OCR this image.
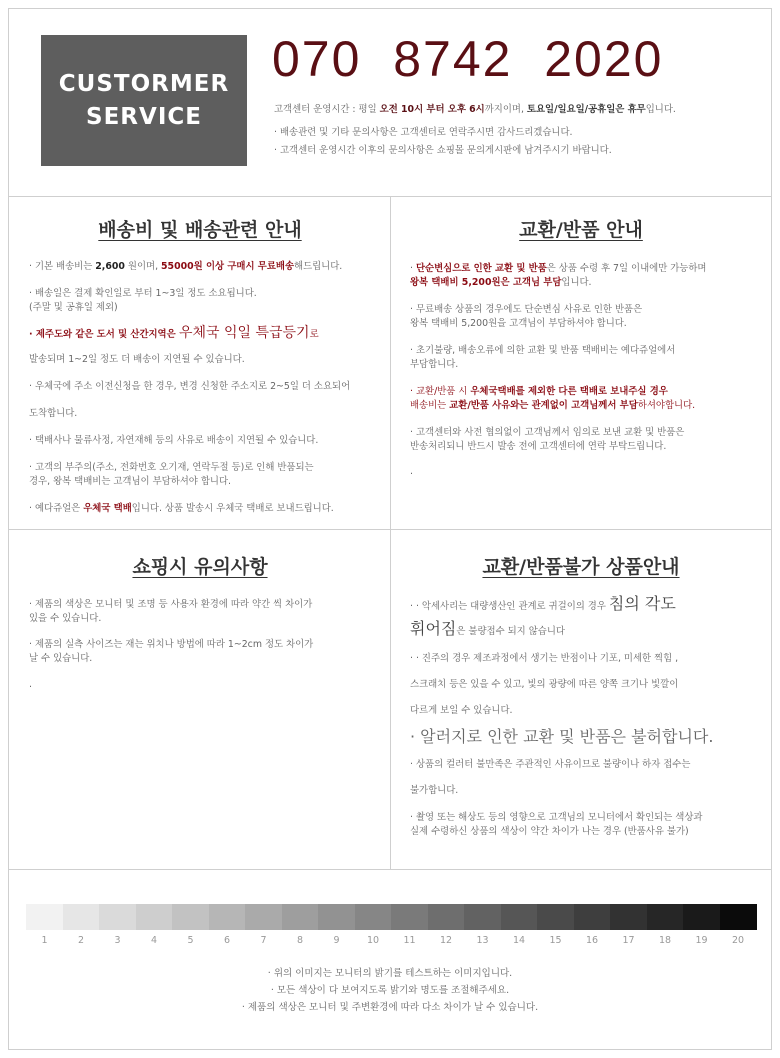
CUSTORMER
SERVICE
070  8742  2020
고객센터 운영시간 : 평일 오전 10시 부터 오후 6시까지이며, 토요일/일요일/공휴일은 휴무입니다.
· 배송관련 및 기타 문의사항은 고객센터로 연락주시면 감사드리겠습니다.
· 고객센터 운영시간 이후의 문의사항은 쇼핑몰 문의게시판에 남겨주시기 바랍니다.
배송비 및 배송관련 안내
· 기본 배송비는 2,600 원이며, 55000원 이상 구매시 무료배송해드립니다.
· 배송일은 결제 확인일로 부터 1~3일 정도 소요됩니다.
(주말 및 공휴일 제외)
· 제주도와 같은 도서 및 산간지역은 우체국 익일 특급등기로
발송되며 1~2일 정도 더 배송이 지연될 수 있습니다.
· 우체국에 주소 이전신청을 한 경우, 변경 신청한 주소지로 2~5일 더 소요되어
도착합니다.
· 택배사나 물류사정, 자연재해 등의 사유로 배송이 지연될 수 있습니다.
· 고객의 부주의(주소, 전화번호 오기재, 연락두절 등)로 인해 반품되는
경우, 왕복 택배비는 고객님이 부담하셔야 합니다.
· 예다쥬얼은 우체국 택배입니다. 상품 발송시 우체국 택배로 보내드립니다.
교환/반품 안내
· 단순변심으로 인한 교환 및 반품은 상품 수령 후 7일 이내에만 가능하며
왕복 택배비 5,200원은 고객님 부담입니다.
· 무료배송 상품의 경우에도 단순변심 사유로 인한 반품은
왕복 택배비 5,200원을 고객님이 부담하셔야 합니다.
· 초기불량, 배송오류에 의한 교환 및 반품 택배비는 예다쥬얼에서
부담합니다.
· 교환/반품 시 우체국택배를 제외한 다른 택배로 보내주실 경우
배송비는 교환/반품 사유와는 관계없이 고객님께서 부담하셔야합니다.
· 고객센터와 사전 협의없이 고객님께서 임의로 보낸 교환 및 반품은
반송처리되니 반드시 발송 전에 고객센터에 연락 부탁드립니다.
.
쇼핑시 유의사항
· 제품의 색상은 모니터 및 조명 등 사용자 환경에 따라 약간 씩 차이가
있을 수 있습니다.
· 제품의 실측 사이즈는 재는 위치나 방법에 따라 1~2cm 정도 차이가
날 수 있습니다.
.
교환/반품불가 상품안내
· · 악세사리는 대량생산인 관계로 귀걸이의 경우 침의 각도
휘어짐은 불량접수 되지 않습니다
· · 진주의 경우 제조과정에서 생기는 반점이나 기포, 미세한 찍힘 ,
스크래치 등은 있을 수 있고, 빛의 광량에 따른 양쪽 크기나 빛깔이
다르게 보일 수 있습니다.
· 알러지로 인한 교환 및 반품은 불허합니다.
· 상품의 컬러터 불만족은 주관적인 사유이므로 불량이나 하자 접수는
불가합니다.
· 촬영 또는 해상도 등의 영향으로 고객님의 모니터에서 확인되는 색상과
실제 수령하신 상품의 색상이 약간 차이가 나는 경우 (반품사유 불가)
1	2	3	4	5	6	7	8	9	10	11	12	13	14	15	16	17	18	19	20
· 위의 이미지는 모니터의 밝기를 테스트하는 이미지입니다.
· 모든 색상이 다 보여지도록 밝기와 명도를 조절해주세요.
· 제품의 색상은 모니터 및 주변환경에 따라 다소 차이가 날 수 있습니다.
